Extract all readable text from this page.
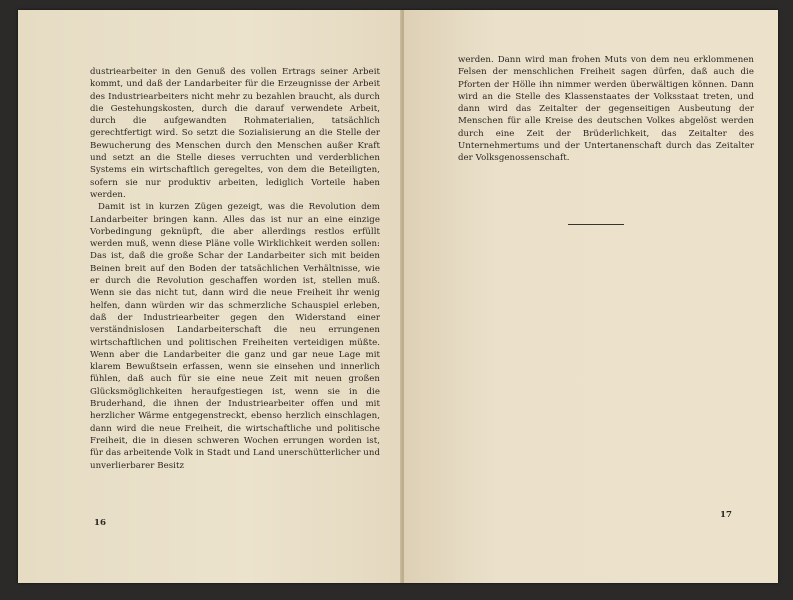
dustriearbeiter in den Genuß des vollen Ertrags seiner Arbeit kommt, und daß der Landarbeiter für die Erzeugnisse der Arbeit des Industriearbeiters nicht mehr zu bezahlen braucht, als durch die Gestehungskosten, durch die darauf verwendete Arbeit, durch die aufgewandten Rohmaterialien, tatsächlich gerechtfertigt wird. So setzt die Sozialisierung an die Stelle der Bewucherung des Menschen durch den Menschen außer Kraft und setzt an die Stelle dieses verruchten und verderblichen Systems ein wirtschaftlich geregeltes, von dem die Beteiligten, sofern sie nur produktiv arbeiten, lediglich Vorteile haben werden.

Damit ist in kurzen Zügen gezeigt, was die Revolution dem Landarbeiter bringen kann. Alles das ist nur an eine einzige Vorbedingung geknüpft, die aber allerdings restlos erfüllt werden muß, wenn diese Pläne volle Wirklichkeit werden sollen: Das ist, daß die große Schar der Landarbeiter sich mit beiden Beinen breit auf den Boden der tatsächlichen Verhältnisse, wie er durch die Revolution geschaffen worden ist, stellen muß. Wenn sie das nicht tut, dann wird die neue Freiheit ihr wenig helfen, dann würden wir das schmerzliche Schauspiel erleben, daß der Industriearbeiter gegen den Widerstand einer verständnislosen Landarbeiterschaft die neu errungenen wirtschaftlichen und politischen Freiheiten verteidigen müßte. Wenn aber die Landarbeiter die ganz und gar neue Lage mit klarem Bewußtsein erfassen, wenn sie einsehen und innerlich fühlen, daß auch für sie eine neue Zeit mit neuen großen Glücksmöglichkeiten heraufgestiegen ist, wenn sie in die Bruderhand, die ihnen der Industriearbeiter offen und mit herzlicher Wärme entgegenstreckt, ebenso herzlich einschlagen, dann wird die neue Freiheit, die wirtschaftliche und politische Freiheit, die in diesen schweren Wochen errungen worden ist, für das arbeitende Volk in Stadt und Land unerschütterlicher und unverlierbarer Besitz

16

werden. Dann wird man frohen Muts von dem neu erklommenen Felsen der menschlichen Freiheit sagen dürfen, daß auch die Pforten der Hölle ihn nimmer werden überwältigen können. Dann wird an die Stelle des Klassenstaates der Volksstaat treten, und dann wird das Zeitalter der gegenseitigen Ausbeutung der Menschen für alle Kreise des deutschen Volkes abgelöst werden durch eine Zeit der Brüderlichkeit, das Zeitalter des Unternehmertums und der Untertanenschaft durch das Zeitalter der Volksgenossenschaft.

17
